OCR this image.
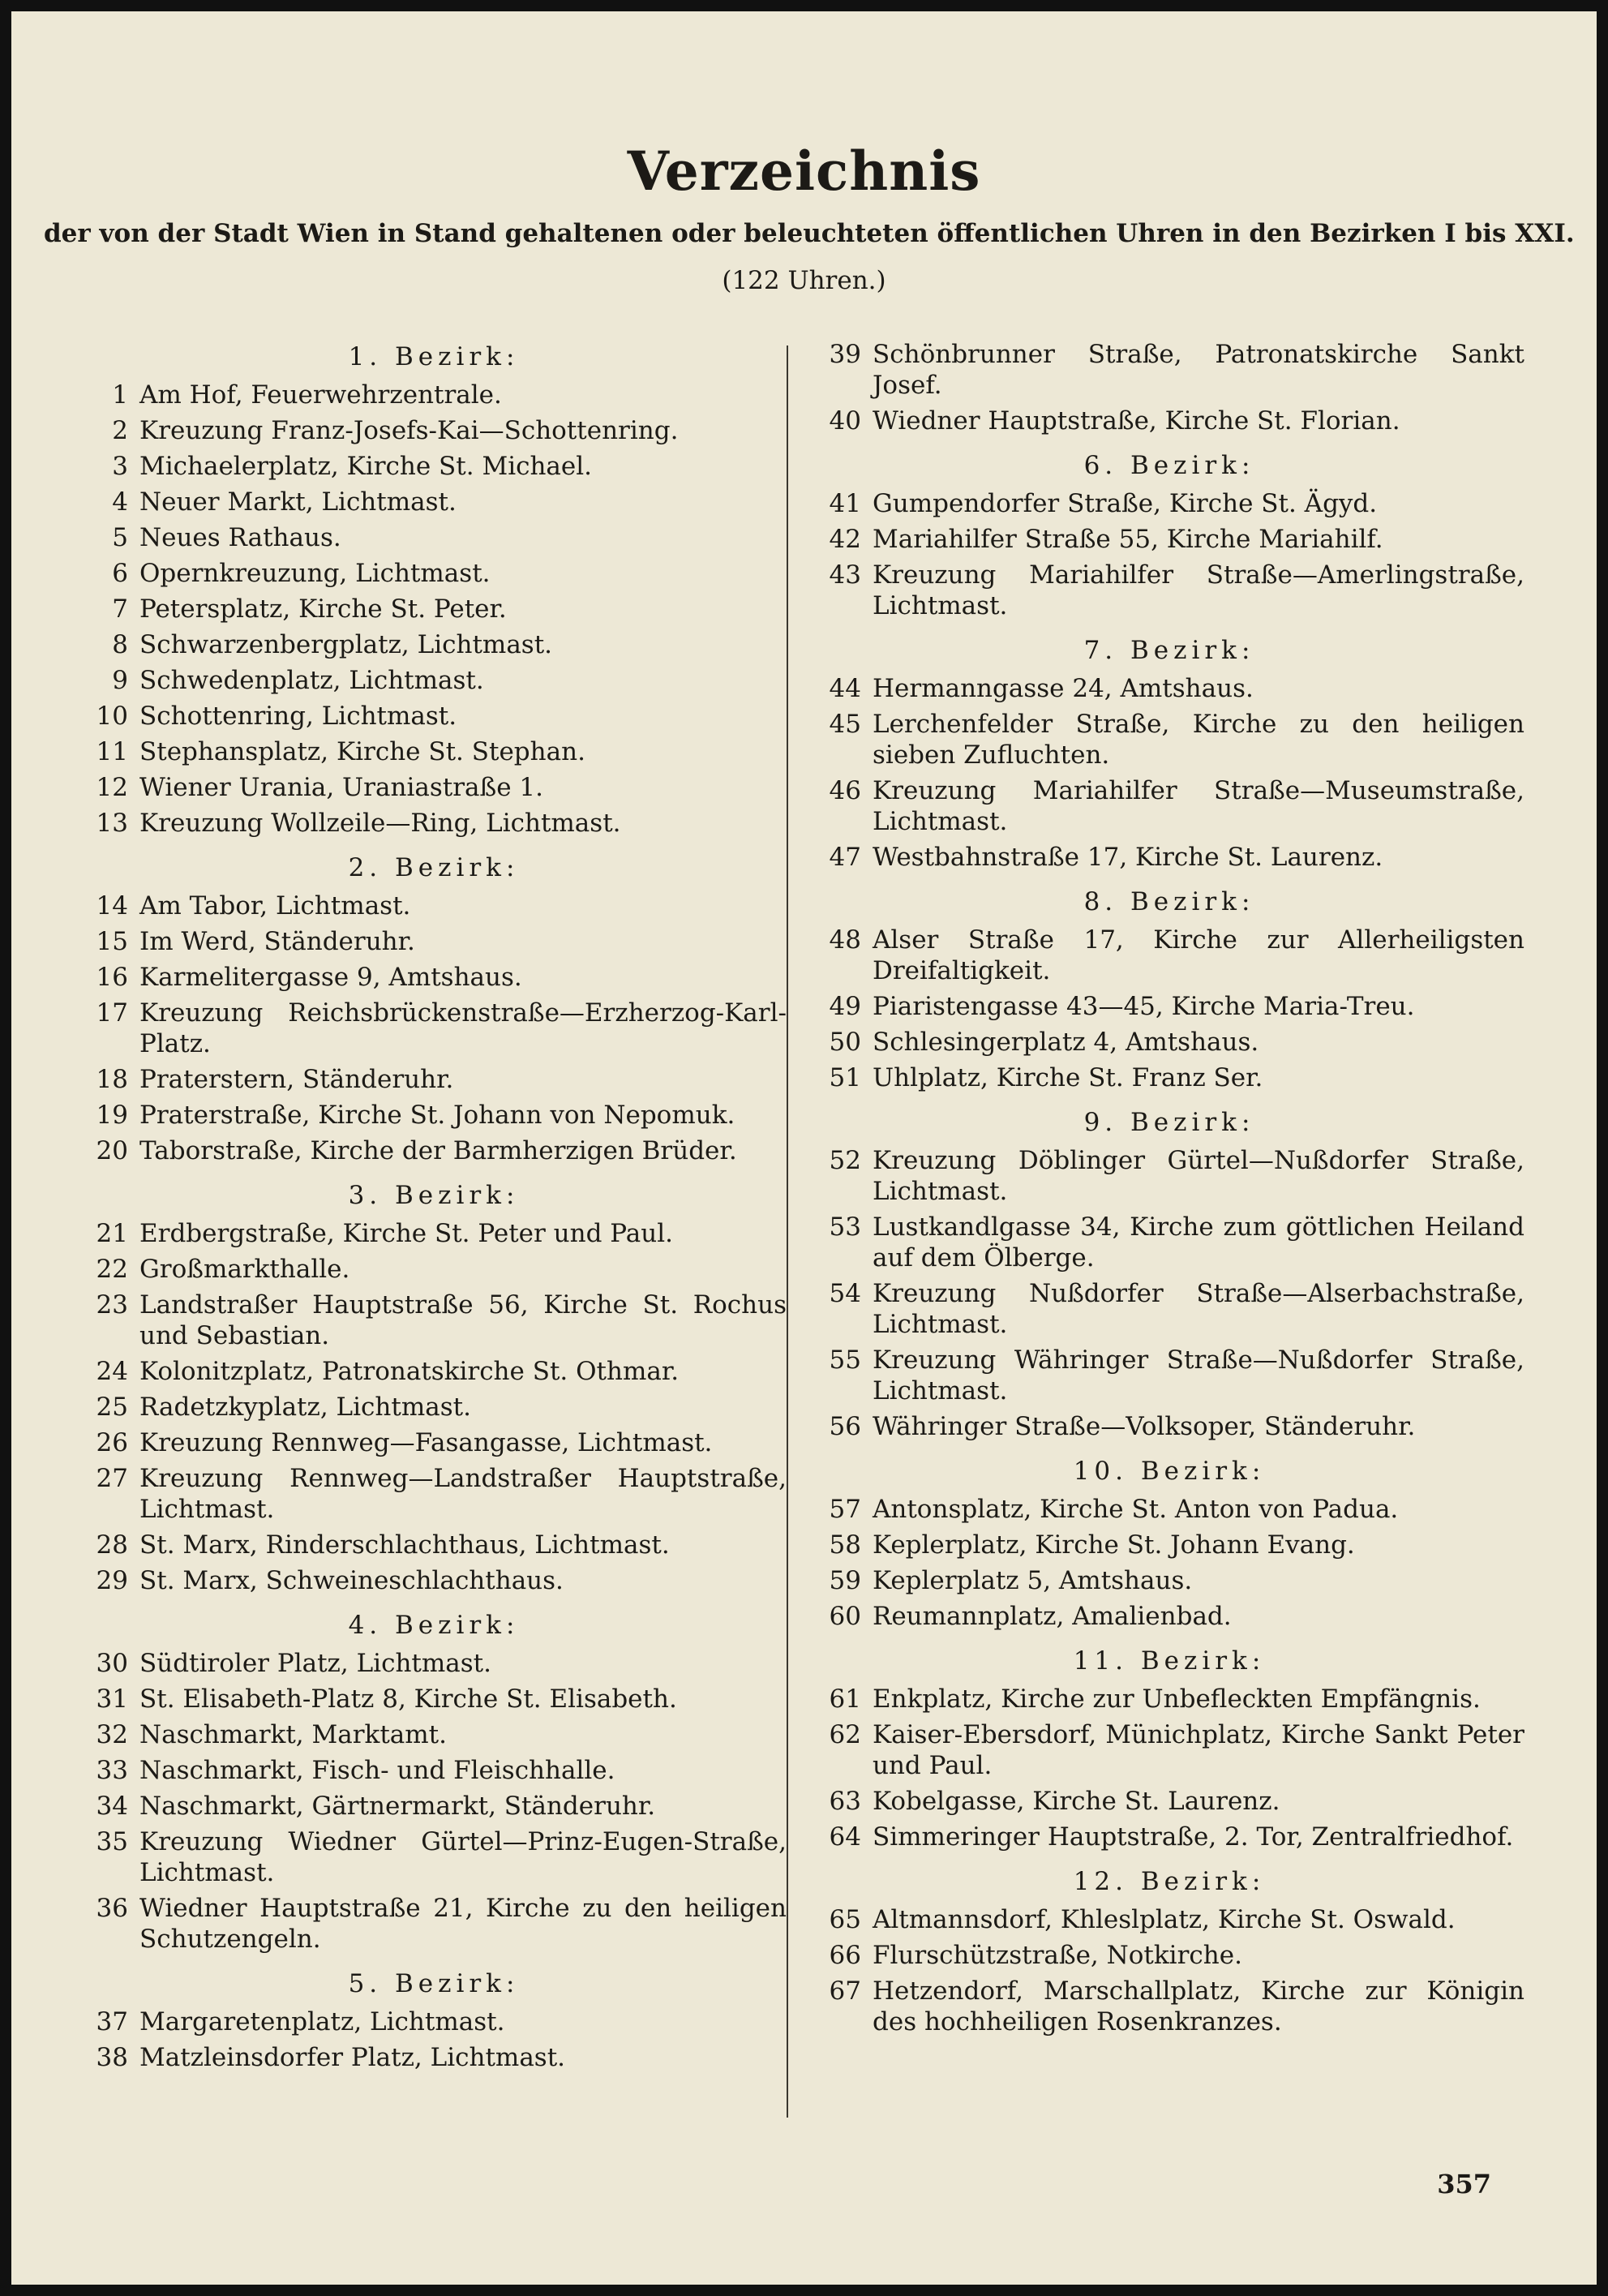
Verzeichnis
der von der Stadt Wien in Stand gehaltenen oder beleuchteten öffentlichen Uhren in den Bezirken I bis XXI.
(122 Uhren.)
1. Bezirk:
1 Am Hof, Feuerwehrzentrale.
2 Kreuzung Franz-Josefs-Kai—Schottenring.
3 Michaelerplatz, Kirche St. Michael.
4 Neuer Markt, Lichtmast.
5 Neues Rathaus.
6 Opernkreuzung, Lichtmast.
7 Petersplatz, Kirche St. Peter.
8 Schwarzenbergplatz, Lichtmast.
9 Schwedenplatz, Lichtmast.
10 Schottenring, Lichtmast.
11 Stephansplatz, Kirche St. Stephan.
12 Wiener Urania, Uraniastraße 1.
13 Kreuzung Wollzeile—Ring, Lichtmast.
2. Bezirk:
14 Am Tabor, Lichtmast.
15 Im Werd, Ständeruhr.
16 Karmelitergasse 9, Amtshaus.
17 Kreuzung Reichsbrückenstraße—Erzherzog-Karl-Platz.
18 Praterstern, Ständeruhr.
19 Praterstraße, Kirche St. Johann von Nepomuk.
20 Taborstraße, Kirche der Barmherzigen Brüder.
3. Bezirk:
21 Erdbergstraße, Kirche St. Peter und Paul.
22 Großmarkthalle.
23 Landstraßer Hauptstraße 56, Kirche St. Rochus und Sebastian.
24 Kolonitzplatz, Patronatskirche St. Othmar.
25 Radetzkyplatz, Lichtmast.
26 Kreuzung Rennweg—Fasangasse, Lichtmast.
27 Kreuzung Rennweg—Landstraßer Hauptstraße, Lichtmast.
28 St. Marx, Rinderschlachthaus, Lichtmast.
29 St. Marx, Schweineschlachthaus.
4. Bezirk:
30 Südtiroler Platz, Lichtmast.
31 St. Elisabeth-Platz 8, Kirche St. Elisabeth.
32 Naschmarkt, Marktamt.
33 Naschmarkt, Fisch- und Fleischhalle.
34 Naschmarkt, Gärtnermarkt, Ständeruhr.
35 Kreuzung Wiedner Gürtel—Prinz-Eugen-Straße, Lichtmast.
36 Wiedner Hauptstraße 21, Kirche zu den heiligen Schutzengeln.
5. Bezirk:
37 Margaretenplatz, Lichtmast.
38 Matzleinsdorfer Platz, Lichtmast.
39 Schönbrunner Straße, Patronatskirche Sankt Josef.
40 Wiedner Hauptstraße, Kirche St. Florian.
6. Bezirk:
41 Gumpendorfer Straße, Kirche St. Ägyd.
42 Mariahilfer Straße 55, Kirche Mariahilf.
43 Kreuzung Mariahilfer Straße—Amerlingstraße, Lichtmast.
7. Bezirk:
44 Hermanngasse 24, Amtshaus.
45 Lerchenfelder Straße, Kirche zu den heiligen sieben Zufluchten.
46 Kreuzung Mariahilfer Straße—Museumstraße, Lichtmast.
47 Westbahnstraße 17, Kirche St. Laurenz.
8. Bezirk:
48 Alser Straße 17, Kirche zur Allerheiligsten Dreifaltigkeit.
49 Piaristengasse 43—45, Kirche Maria-Treu.
50 Schlesingerplatz 4, Amtshaus.
51 Uhlplatz, Kirche St. Franz Ser.
9. Bezirk:
52 Kreuzung Döblinger Gürtel—Nußdorfer Straße, Lichtmast.
53 Lustkandlgasse 34, Kirche zum göttlichen Heiland auf dem Ölberge.
54 Kreuzung Nußdorfer Straße—Alserbachstraße, Lichtmast.
55 Kreuzung Währinger Straße—Nußdorfer Straße, Lichtmast.
56 Währinger Straße—Volksoper, Ständeruhr.
10. Bezirk:
57 Antonsplatz, Kirche St. Anton von Padua.
58 Keplerplatz, Kirche St. Johann Evang.
59 Keplerplatz 5, Amtshaus.
60 Reumannplatz, Amalienbad.
11. Bezirk:
61 Enkplatz, Kirche zur Unbefleckten Empfängnis.
62 Kaiser-Ebersdorf, Münichplatz, Kirche Sankt Peter und Paul.
63 Kobelgasse, Kirche St. Laurenz.
64 Simmeringer Hauptstraße, 2. Tor, Zentralfriedhof.
12. Bezirk:
65 Altmannsdorf, Khleslplatz, Kirche St. Oswald.
66 Flurschützstraße, Notkirche.
67 Hetzendorf, Marschallplatz, Kirche zur Königin des hochheiligen Rosenkranzes.
357
